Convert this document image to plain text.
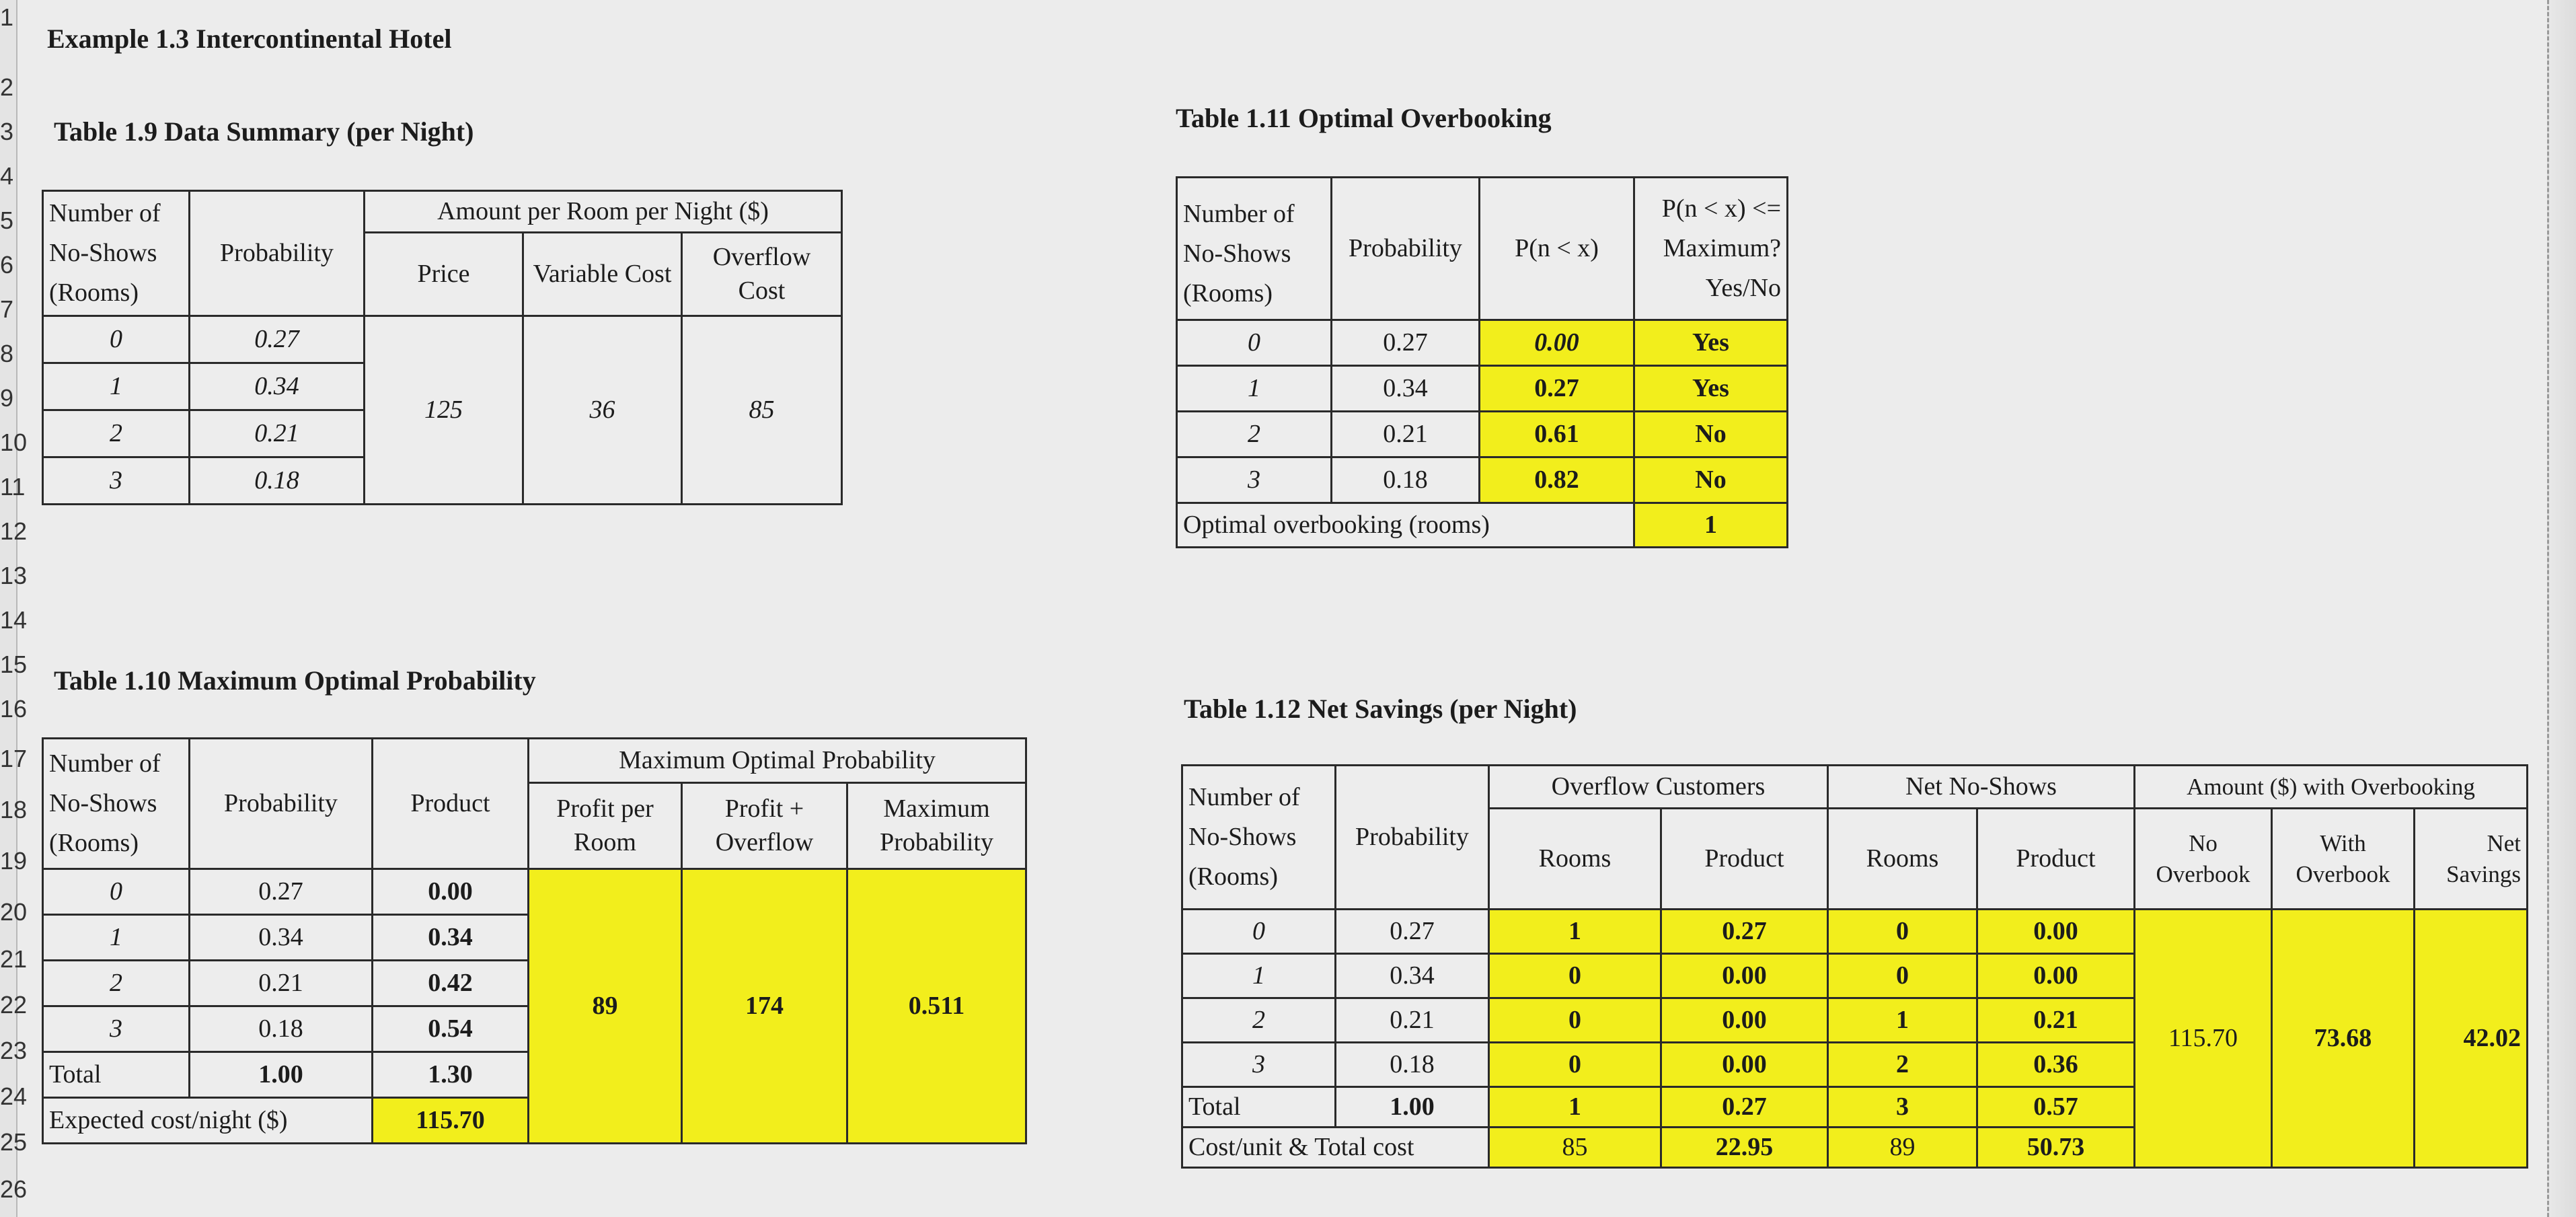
1
2
3
4
5
6
7
8
9
10
11
12
13
14
15
16
17
18
19
20
21
22
23
24
25
26
Example 1.3 Intercontinental Hotel
Table 1.9 Data Summary (per Night)
Number of No-Shows (Rooms)	Probability	Amount per Room per Night ($)		
		Price	Variable Cost	Overflow Cost

0	0.27	125	36	85
1	0.34			
2	0.21			
3	0.18			
Table 1.11 Optimal Overbooking
Number of No-Shows (Rooms)	Probability	P(n < x)	P(n < x) <= Maximum? Yes/No
0	0.27	0.00	Yes
1	0.34	0.27	Yes
2	0.21	0.61	No
3	0.18	0.82	No
Optimal overbooking (rooms)			1
Table 1.10 Maximum Optimal Probability
Number of No-Shows (Rooms)	Probability	Product	Maximum Optimal Probability		
			Profit per Room	Profit + Overflow	Maximum Probability

0	0.27	0.00	89	174	0.511
1	0.34	0.34			
2	0.21	0.42			
3	0.18	0.54			
Total	1.00	1.30			
Expected cost/night ($)		115.70			
Table 1.12 Net Savings (per Night)
Number of No-Shows (Rooms)	Probability	Overflow Customers		Net No-Shows		Amount ($) with Overbooking		
		Rooms	Product	Rooms	Product	No Overbook	With Overbook	Net Savings
0	0.27	1	0.27	0	0.00	115.70	73.68	42.02
1	0.34	0	0.00	0	0.00			
2	0.21	0	0.00	1	0.21			
3	0.18	0	0.00	2	0.36			
Total	1.00	1	0.27	3	0.57			
Cost/unit & Total cost		85	22.95	89	50.73			
